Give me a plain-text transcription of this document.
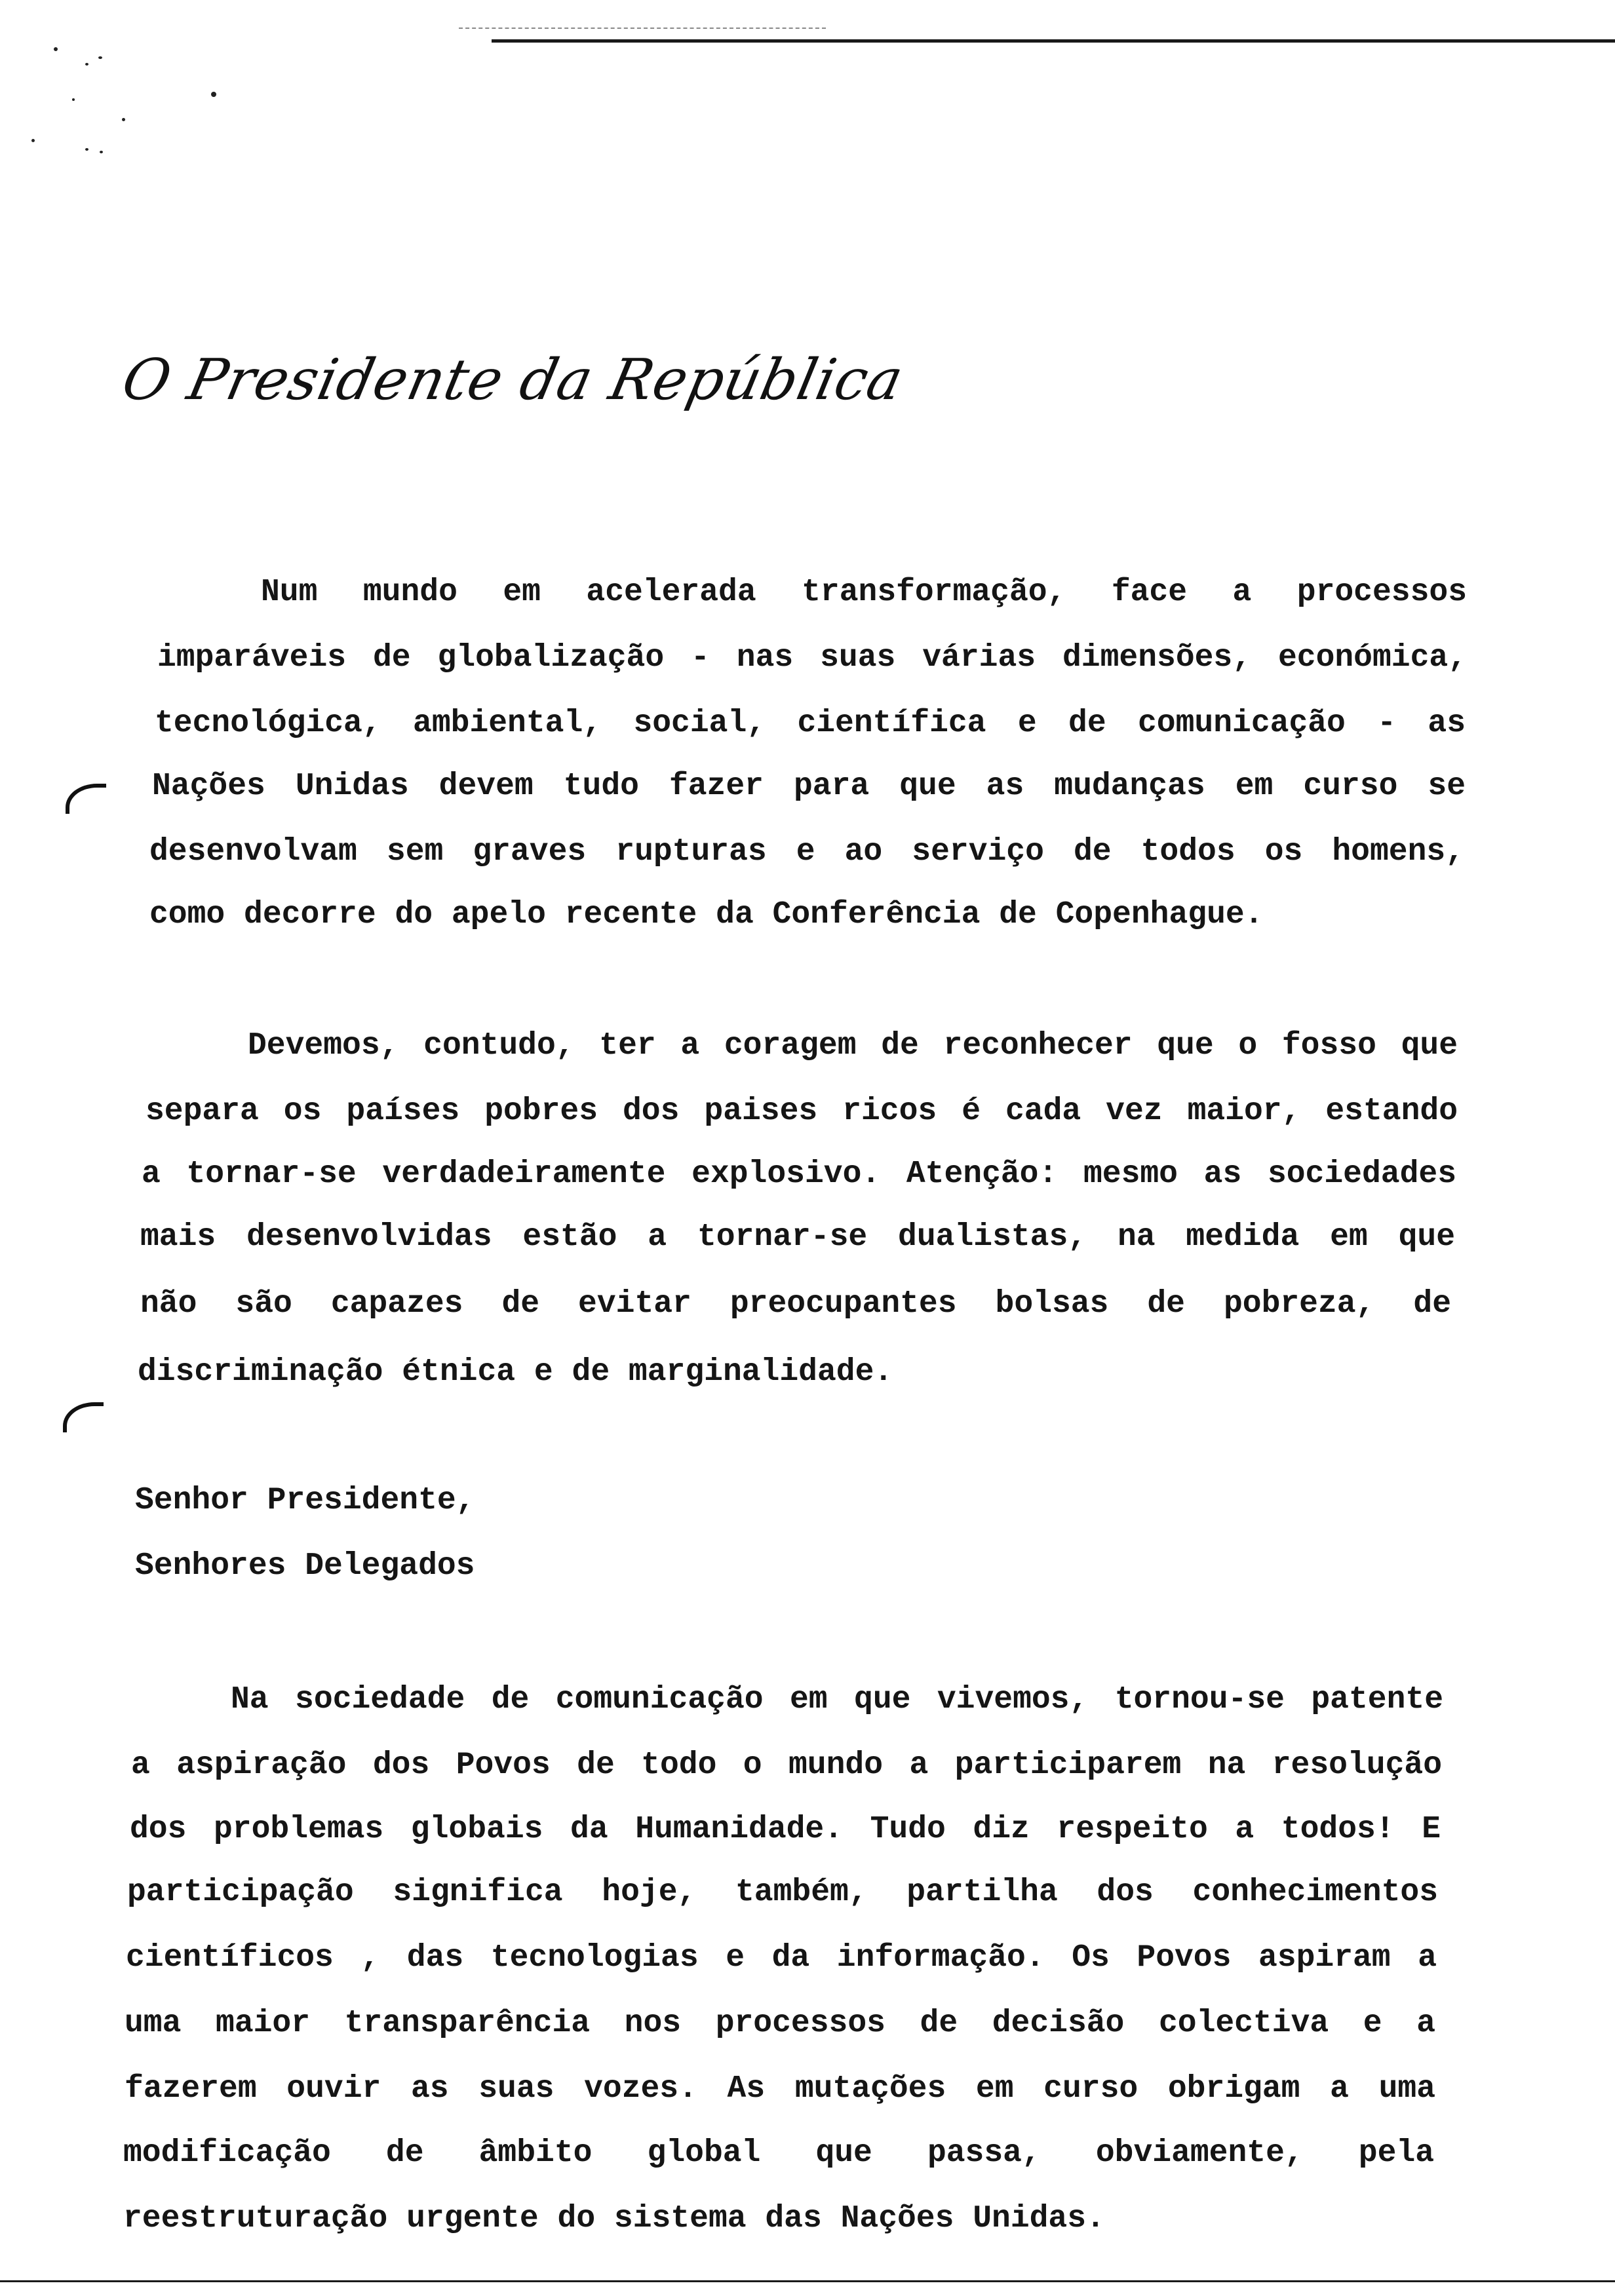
O Presidente da República
Num mundo em acelerada transformação, face a processos
imparáveis de globalização - nas suas várias dimensões, económica,
tecnológica, ambiental, social, científica e de comunicação - as
Nações Unidas devem tudo fazer para que as mudanças em curso se
desenvolvam sem graves rupturas e ao serviço de todos os homens,
como decorre do apelo recente da Conferência de Copenhague.
Devemos, contudo, ter a coragem de reconhecer que o fosso que
separa os países pobres dos paises ricos é cada vez maior, estando
a tornar-se verdadeiramente explosivo. Atenção: mesmo as sociedades
mais desenvolvidas estão a tornar-se dualistas, na medida em que
não são capazes de evitar preocupantes bolsas de pobreza, de
discriminação étnica e de marginalidade.
Senhor Presidente,
Senhores Delegados
Na sociedade de comunicação em que vivemos, tornou-se patente
a aspiração dos Povos de todo o mundo a participarem na resolução
dos problemas globais da Humanidade. Tudo diz respeito a todos! E
participação significa hoje, também, partilha dos conhecimentos
científicos , das tecnologias e da informação. Os Povos aspiram a
uma maior transparência nos processos de decisão colectiva e a
fazerem ouvir as suas vozes. As mutações em curso obrigam a uma
modificação de âmbito global que passa, obviamente, pela
reestruturação urgente do sistema das Nações Unidas.
